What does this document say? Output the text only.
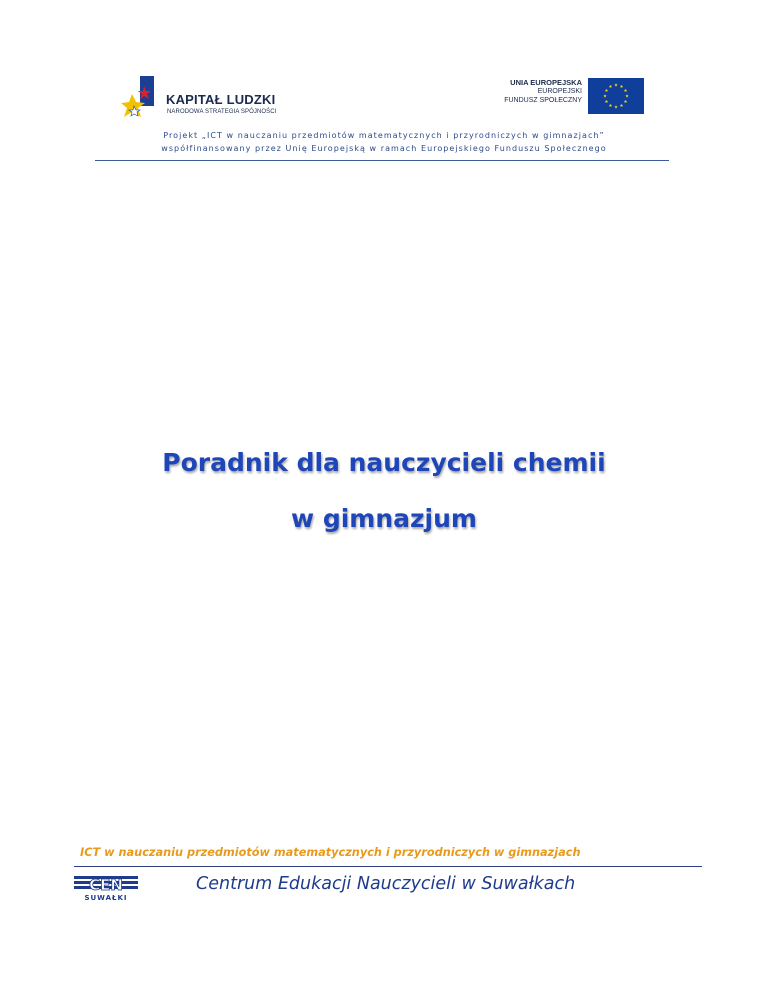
KAPITAŁ LUDZKI
NARODOWA STRATEGIA SPÓJNOŚCI
UNIA EUROPEJSKA
EUROPEJSKI
FUNDUSZ SPOŁECZNY
Projekt „ICT w nauczaniu przedmiotów matematycznych i przyrodniczych w gimnazjach”
współfinansowany przez Unię Europejską w ramach Europejskiego Funduszu Społecznego
Poradnik dla nauczycieli chemii
w gimnazjum
ICT w nauczaniu przedmiotów matematycznych i przyrodniczych w gimnazjach
CEN
SUWAŁKI
Centrum Edukacji Nauczycieli w Suwałkach
